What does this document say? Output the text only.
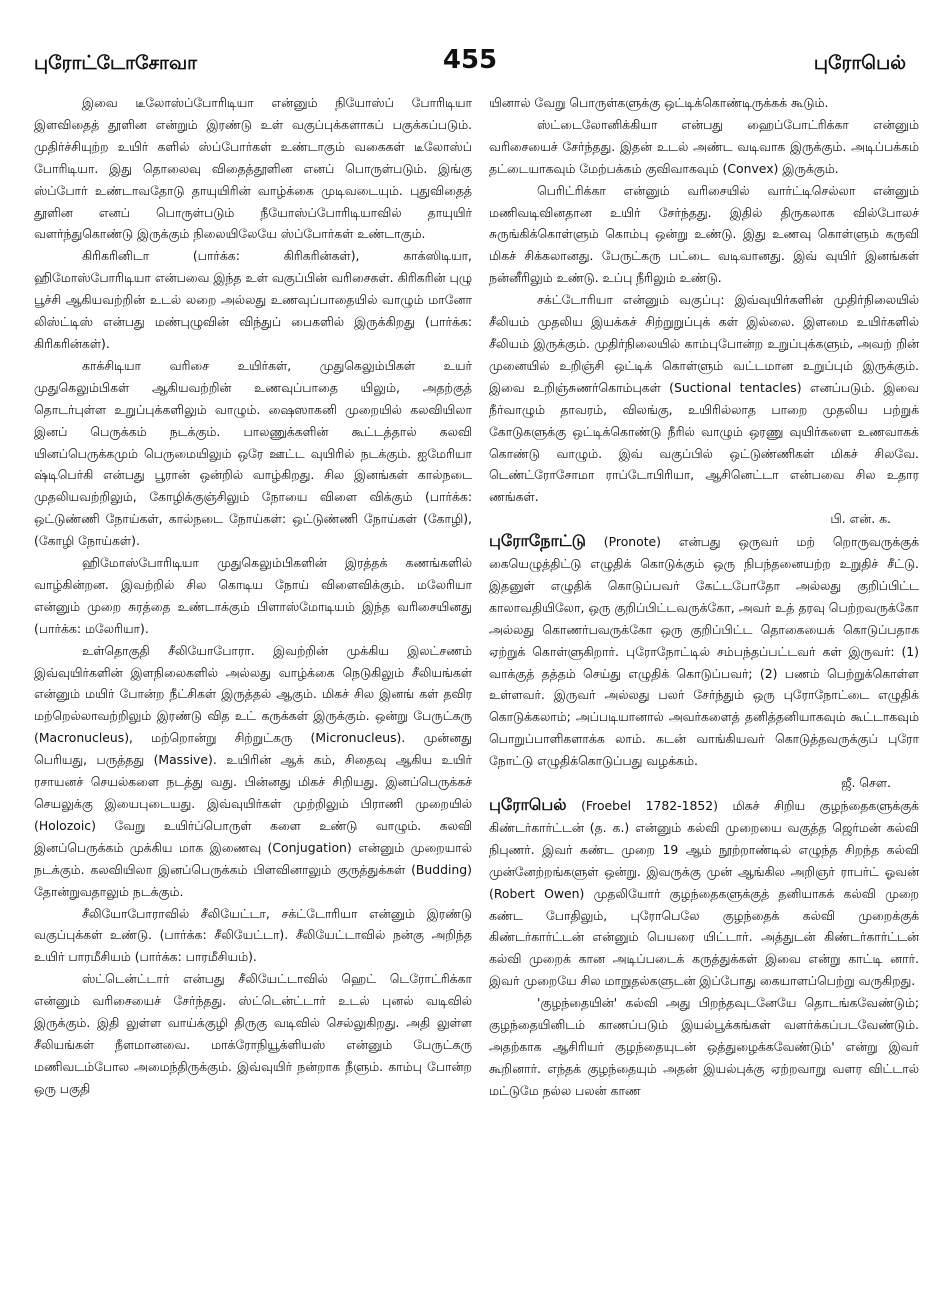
புரோட்டோசோவா	455	புரோபெல்

இவை டீலோஸ்ப்போரிடியா என்னும் நியோஸ்ப் போரிடியா இளவிதைத் தூளின என்றும் இரண்டு உள் வகுப்புக்களாகப் பகுக்கப்படும். முதிர்ச்சியுற்ற உயிர் களில் ஸ்ப்போர்கள் உண்டாகும் வகைகள் டீலோஸ்ப் போரிடியா. இது தொலைவு விதைத்தூளின எனப் பொருள்படும். இங்கு ஸ்ப்போர் உண்டாவதோடு தாயுயிரின் வாழ்க்கை முடிவடையும். புதுவிதைத் தூளின எனப் பொருள்படும் நீயோஸ்ப்போரிடியாவில் தாயுயிர் வளர்ந்துகொண்டு இருக்கும் நிலையிலேயே ஸ்ப்போர்கள் உண்டாகும்.

கிரிகரினிடா (பார்க்க: கிரிகரின்கள்), காக்ஸிடியா, ஹிமோஸ்போரிடியா என்பவை இந்த உள் வகுப்பின் வரிசைகள். கிரிகரின் புழு பூச்சி ஆகியவற்றின் உடல் லறை அல்லது உணவுப்பாதையில் வாழும் மானோ லிஸ்ட்டிஸ் என்பது மண்புழுவின் விந்துப் பைகளில் இருக்கிறது (பார்க்க: கிரிகரின்கள்).

காக்சிடியா வரிசை உயிர்கள், முதுகெலும்பிகள் உயர் முதுகெலும்பிகள் ஆகியவற்றின் உணவுப்பாதை யிலும், அதற்குத் தொடர்புள்ள உறுப்புக்களிலும் வாழும். ஷைஸாகனி முறையில் கலவியிலா இனப் பெருக்கம் நடக்கும். பாலணுக்களின் கூட்டத்தால் கலவி யினப்பெருக்கமும் பெருமையிலும் ஒரே ஊட்ட வுயிரில் நடக்கும். ஐமேரியா ஷ்டிபெர்கி என்பது பூரான் ஒன்றில் வாழ்கிறது. சில இனங்கள் கால்நடை முதலியவற்றிலும், கோழிக்குஞ்சிலும் நோயை விளை விக்கும் (பார்க்க: ஒட்டுண்ணி நோய்கள், கால்நடை நோய்கள்: ஒட்டுண்ணி நோய்கள் (கோழி), (கோழி நோய்கள்).

ஹிமோஸ்போரிடியா முதுகெலும்பிகளின் இரத்தக் கணங்களில் வாழ்கின்றன. இவற்றில் சில கொடிய நோய் விளைவிக்கும். மலேரியா என்னும் முறை சுரத்தை உண்டாக்கும் பிளாஸ்மோடியம் இந்த வரிசையினது (பார்க்க: மலேரியா).

உள்தொகுதி சீலியோபோரா. இவற்றின் முக்கிய இலட்சணம் இவ்வுயிர்களின் இளநிலைகளில் அல்லது வாழ்க்கை நெடுகிலும் சீலியங்கள் என்னும் மயிர் போன்ற நீட்சிகள் இருத்தல் ஆகும். மிகச் சில இனங் கள் தவிர மற்றெல்லாவற்றிலும் இரண்டு வித உட் கருக்கள் இருக்கும். ஒன்று பேருட்கரு (Macronucleus), மற்றொன்று சிற்றுட்கரு (Micronucleus). முன்னது பெரியது, பருத்தது (Massive). உயிரின் ஆக் கம், சிதைவு ஆகிய உயிர் ரசாயனச் செயல்களை நடத்து வது. பின்னது மிகச் சிறியது. இனப்பெருக்கச் செயலுக்கு இயைபுடையது. இவ்வுயிர்கள் முற்றிலும் பிராணி முறையில் (Holozoic) வேறு உயிர்ப்பொருள் களை உண்டு வாழும். கலவி இனப்பெருக்கம் முக்கிய மாக இணைவு (Conjugation) என்னும் முறையால் நடக்கும். கலவியிலா இனப்பெருக்கம் பிளவினாலும் குருத்துக்கள் (Budding) தோன்றுவதாலும் நடக்கும்.

சீலியோபோராவில் சீலியேட்டா, சக்ட்டோரியா என்னும் இரண்டு வகுப்புக்கள் உண்டு. (பார்க்க: சீலியேட்டா). சீலியேட்டாவில் நன்கு அறிந்த உயிர் பாரமீசியம் (பார்க்க: பாரமீசியம்).

ஸ்ட்டென்ட்டார் என்பது சீலியேட்டாவில் ஹெட் டெரோட்ரிக்கா என்னும் வரிசையைச் சேர்ந்தது. ஸ்ட்டென்ட்டார் உடல் புனல் வடிவில் இருக்கும். இதி லுள்ள வாய்க்குழி திருகு வடிவில் செல்லுகிறது. அதி லுள்ள சீலியங்கள் நீளமானவை. மாக்ரோநியூக்ளியஸ் என்னும் பேருட்கரு மணிவடம்போல அமைந்திருக்கும். இவ்வுயிர் நன்றாக நீளும். காம்பு போன்ற ஒரு பகுதி

யினால் வேறு பொருள்களுக்கு ஒட்டிக்கொண்டிருக்கக் கூடும்.

ஸ்ட்டைலோனிக்கியா என்பது ஹைப்போட்ரிக்கா என்னும் வரிசையைச் சேர்ந்தது. இதன் உடல் அண்ட வடிவாக இருக்கும். அடிப்பக்கம் தட்டையாகவும் மேற்பக்கம் குவிவாகவும் (Convex) இருக்கும்.

பெரிட்ரிக்கா என்னும் வரிசையில் வார்ட்டிசெல்லா என்னும் மணிவடிவினதான உயிர் சேர்ந்தது. இதில் திருகலாக வில்போலச் சுருங்கிக்கொள்ளும் கொம்பு ஒன்று உண்டு. இது உணவு கொள்ளும் கருவி மிகச் சிக்கலானது. பேருட்கரு பட்டை வடிவானது. இவ் வுயிர் இனங்கள் நன்னீரிலும் உண்டு. உப்பு நீரிலும் உண்டு.

சக்ட்டோரியா என்னும் வகுப்பு: இவ்வுயிர்களின் முதிர்நிலையில் சீலியம் முதலிய இயக்கச் சிற்றுறுப்புக் கள் இல்லை. இளமை உயிர்களில் சீலியம் இருக்கும். முதிர்நிலையில் காம்புபோன்ற உறுப்புக்களும், அவற் றின் முனையில் உறிஞ்சி ஒட்டிக் கொள்ளும் வட்டமான உறுப்பும் இருக்கும். இவை உறிஞ்சுணர்கொம்புகள் (Suctional tentacles) எனப்படும். இவை நீர்வாழும் தாவரம், விலங்கு, உயிரில்லாத பாறை முதலிய பற்றுக் கோடுகளுக்கு ஒட்டிக்கொண்டு நீரில் வாழும் ஒரணு வுயிர்களை உணவாகக் கொண்டு வாழும். இவ் வகுப்பில் ஒட்டுண்ணிகள் மிகச் சிலவே. டெண்ட்ரோசோமா ராப்டோபிரியா, ஆசினெட்டா என்பவை சில உதார ணங்கள்.

பி. என். க.

புரோநோட்டு (Pronote) என்பது ஒருவர் மற் றொருவருக்குக் கையெழுத்திட்டு எழுதிக் கொடுக்கும் ஒரு நிபந்தனையற்ற உறுதிச் சீட்டு. இதனுள் எழுதிக் கொடுப்பவர் கேட்டபோதோ அல்லது குறிப்பிட்ட காலாவதியிலோ, ஒரு குறிப்பிட்டவருக்கோ, அவர் உத் தரவு பெற்றவருக்கோ அல்லது கொணர்பவருக்கோ ஒரு குறிப்பிட்ட தொகையைக் கொடுப்பதாக ஏற்றுக் கொள்ளுகிறார். புரோநோட்டில் சம்பந்தப்பட்டவர் கள் இருவர்: (1) வாக்குத் தத்தம் செய்து எழுதிக் கொடுப்பவர்; (2) பணம் பெற்றுக்கொள்ள உள்ளவர். இருவர் அல்லது பலர் சேர்ந்தும் ஒரு புரோநோட்டை எழுதிக் கொடுக்கலாம்; அப்படியானால் அவர்களைத் தனித்தனியாகவும் கூட்டாகவும் பொறுப்பாளிகளாக்க லாம். கடன் வாங்கியவர் கொடுத்தவருக்குப் புரோ நோட்டு எழுதிக்கொடுப்பது வழக்கம்.

ஜீ. சௌ.

புரோபெல் (Froebel 1782-1852) மிகச் சிறிய குழந்தைகளுக்குக் கிண்டர்கார்ட்டன் (த. க.) என்னும் கல்வி முறையை வகுத்த ஜெர்மன் கல்வி நிபுணர். இவர் கண்ட முறை 19 ஆம் நூற்றாண்டில் எழுந்த சிறந்த கல்வி முன்னேற்றங்களுள் ஒன்று. இவருக்கு முன் ஆங்கில அறிஞர் ராபர்ட் ஓவன் (Robert Owen) முதலியோர் குழந்தைகளுக்குத் தனியாகக் கல்வி முறை கண்ட போதிலும், புரோபெலே குழந்தைக் கல்வி முறைக்குக் கிண்டர்கார்ட்டன் என்னும் பெயரை யிட்டார். அத்துடன் கிண்டர்கார்ட்டன் கல்வி முறைக் கான அடிப்படைக் கருத்துக்கள் இவை என்று காட்டி னார். இவர் முறையே சில மாறுதல்களுடன் இப்போது கையாளப்பெற்று வருகிறது.

'குழந்தையின்' கல்வி அது பிறந்தவுடனேயே தொடங்கவேண்டும்; குழந்தையினிடம் காணப்படும் இயல்பூக்கங்கள் வளர்க்கப்படவேண்டும். அதற்காக ஆசிரியர் குழந்தையுடன் ஒத்துழைக்கவேண்டும்' என்று இவர் கூறினார். எந்தக் குழந்தையும் அதன் இயல்புக்கு ஏற்றவாறு வளர விட்டால் மட்டுமே நல்ல பலன் காண
